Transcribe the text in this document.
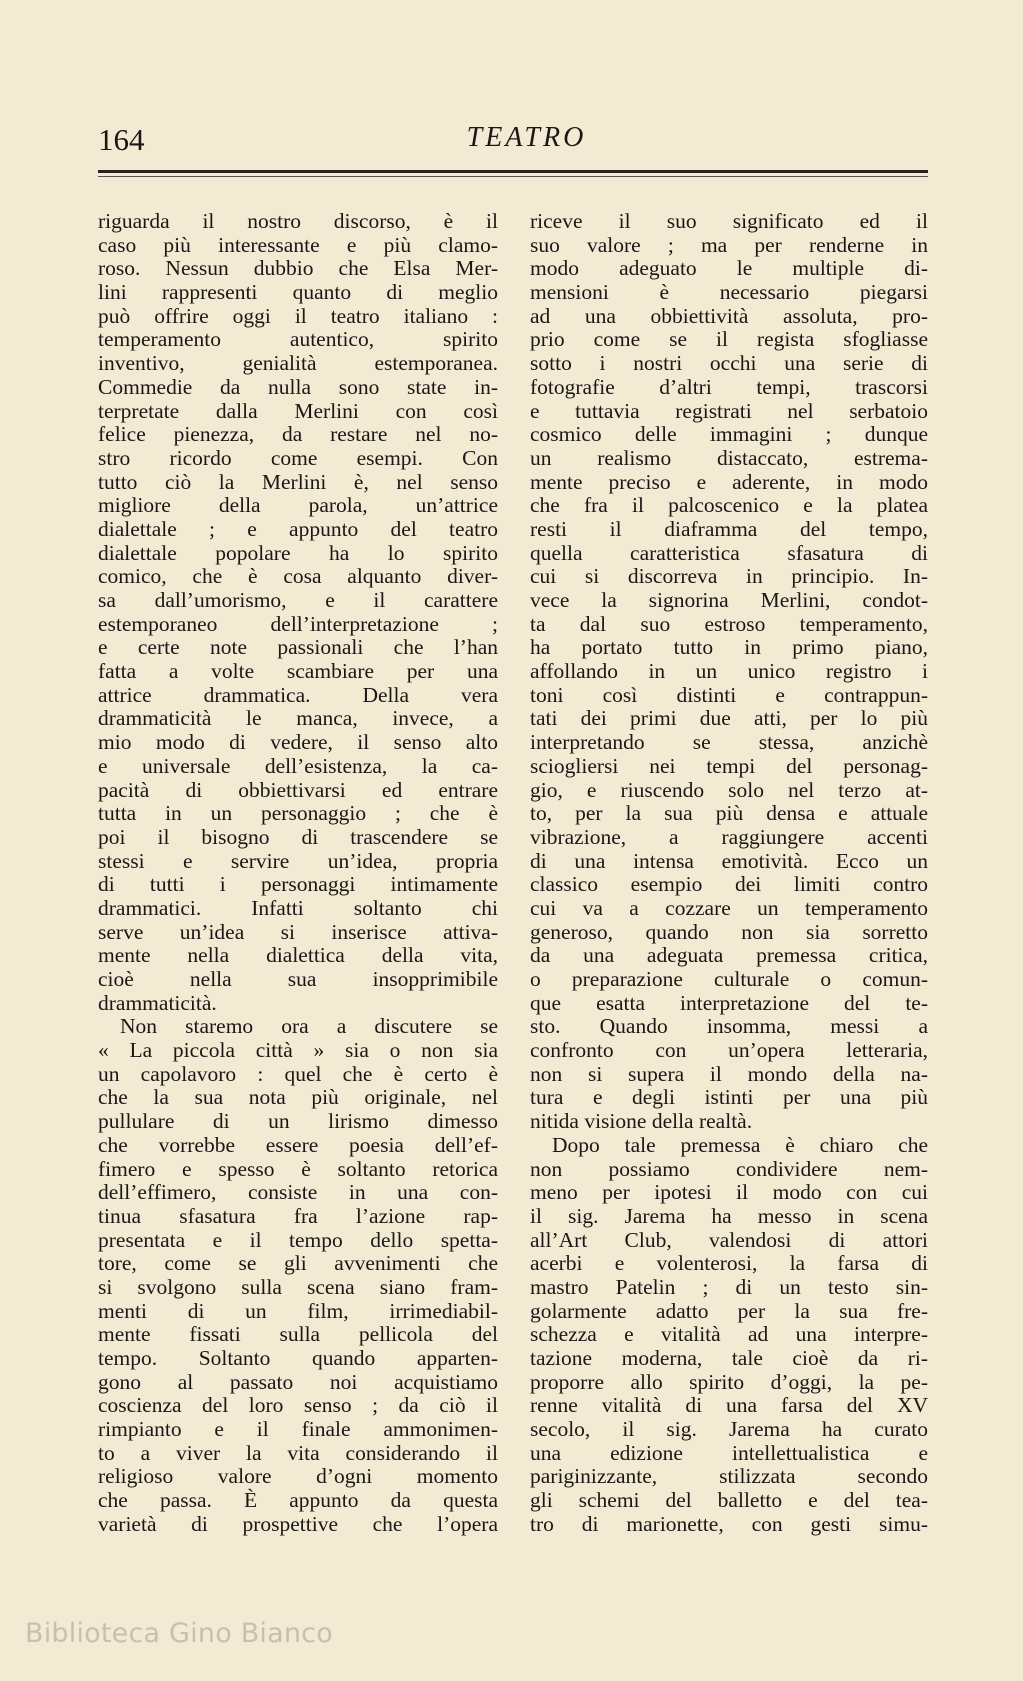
164	TEATRO
riguarda il nostro discorso, è il
caso più interessante e più clamo-
roso. Nessun dubbio che Elsa Mer-
lini rappresenti quanto di meglio
può offrire oggi il teatro italiano :
temperamento autentico, spirito
inventivo, genialità estemporanea.
Commedie da nulla sono state in-
terpretate dalla Merlini con così
felice pienezza, da restare nel no-
stro ricordo come esempi. Con
tutto ciò la Merlini è, nel senso
migliore della parola, un’attrice
dialettale ; e appunto del teatro
dialettale popolare ha lo spirito
comico, che è cosa alquanto diver-
sa dall’umorismo, e il carattere
estemporaneo dell’interpretazione ;
e certe note passionali che l’han
fatta a volte scambiare per una
attrice drammatica. Della vera
drammaticità le manca, invece, a
mio modo di vedere, il senso alto
e universale dell’esistenza, la ca-
pacità di obbiettivarsi ed entrare
tutta in un personaggio ; che è
poi il bisogno di trascendere se
stessi e servire un’idea, propria
di tutti i personaggi intimamente
drammatici. Infatti soltanto chi
serve un’idea si inserisce attiva-
mente nella dialettica della vita,
cioè nella sua insopprimibile
drammaticità.
Non staremo ora a discutere se
« La piccola città » sia o non sia
un capolavoro : quel che è certo è
che la sua nota più originale, nel
pullulare di un lirismo dimesso
che vorrebbe essere poesia dell’ef-
fimero e spesso è soltanto retorica
dell’effimero, consiste in una con-
tinua sfasatura fra l’azione rap-
presentata e il tempo dello spetta-
tore, come se gli avvenimenti che
si svolgono sulla scena siano fram-
menti di un film, irrimediabil-
mente fissati sulla pellicola del
tempo. Soltanto quando apparten-
gono al passato noi acquistiamo
coscienza del loro senso ; da ciò il
rimpianto e il finale ammonimen-
to a viver la vita considerando il
religioso valore d’ogni momento
che passa. È appunto da questa
varietà di prospettive che l’opera
riceve il suo significato ed il
suo valore ; ma per renderne in
modo adeguato le multiple di-
mensioni è necessario piegarsi
ad una obbiettività assoluta, pro-
prio come se il regista sfogliasse
sotto i nostri occhi una serie di
fotografie d’altri tempi, trascorsi
e tuttavia registrati nel serbatoio
cosmico delle immagini ; dunque
un realismo distaccato, estrema-
mente preciso e aderente, in modo
che fra il palcoscenico e la platea
resti il diaframma del tempo,
quella caratteristica sfasatura di
cui si discorreva in principio. In-
vece la signorina Merlini, condot-
ta dal suo estroso temperamento,
ha portato tutto in primo piano,
affollando in un unico registro i
toni così distinti e contrappun-
tati dei primi due atti, per lo più
interpretando se stessa, anzichè
sciogliersi nei tempi del personag-
gio, e riuscendo solo nel terzo at-
to, per la sua più densa e attuale
vibrazione, a raggiungere accenti
di una intensa emotività. Ecco un
classico esempio dei limiti contro
cui va a cozzare un temperamento
generoso, quando non sia sorretto
da una adeguata premessa critica,
o preparazione culturale o comun-
que esatta interpretazione del te-
sto. Quando insomma, messi a
confronto con un’opera letteraria,
non si supera il mondo della na-
tura e degli istinti per una più
nitida visione della realtà.
Dopo tale premessa è chiaro che
non possiamo condividere nem-
meno per ipotesi il modo con cui
il sig. Jarema ha messo in scena
all’Art Club, valendosi di attori
acerbi e volenterosi, la farsa di
mastro Patelin ; di un testo sin-
golarmente adatto per la sua fre-
schezza e vitalità ad una interpre-
tazione moderna, tale cioè da ri-
proporre allo spirito d’oggi, la pe-
renne vitalità di una farsa del XV
secolo, il sig. Jarema ha curato
una edizione intellettualistica e
pariginizzante, stilizzata secondo
gli schemi del balletto e del tea-
tro di marionette, con gesti simu-
Biblioteca Gino Bianco
